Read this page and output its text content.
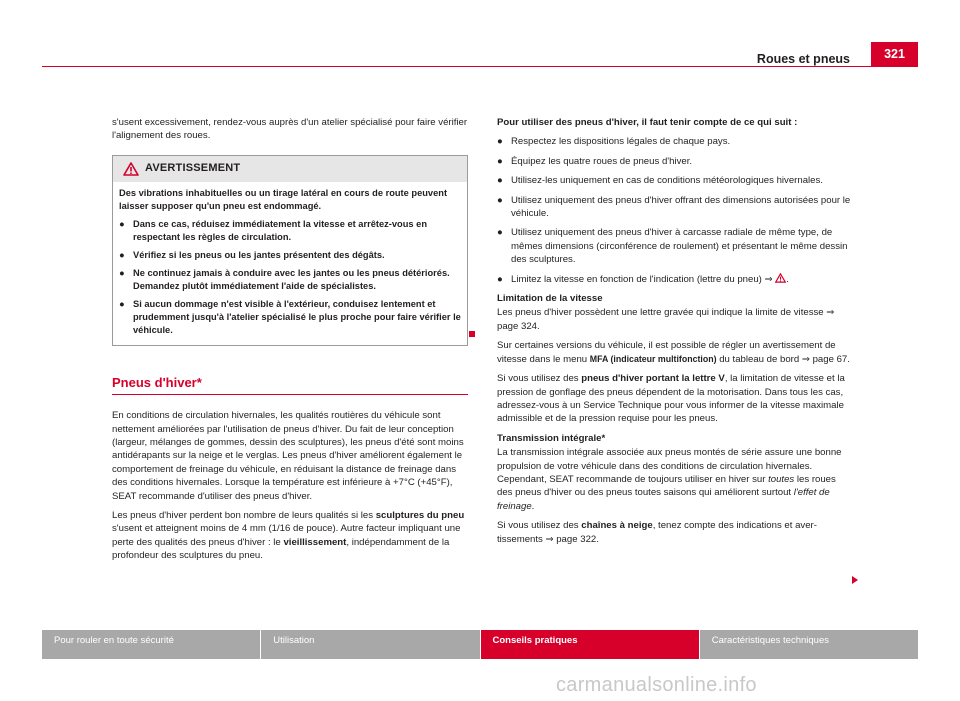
Roues et pneus	321

s'usent excessivement, rendez-vous auprès d'un atelier spécialisé pour faire vérifier l'alignement des roues.

AVERTISSEMENT

Des vibrations inhabituelles ou un tirage latéral en cours de route peuvent laisser supposer qu'un pneu est endommagé.

● Dans ce cas, réduisez immédiatement la vitesse et arrêtez-vous en respectant les règles de circulation.

● Vérifiez si les pneus ou les jantes présentent des dégâts.

● Ne continuez jamais à conduire avec les jantes ou les pneus détériorés. Demandez plutôt immédiatement l'aide de spécialistes.

● Si aucun dommage n'est visible à l'extérieur, conduisez lentement et prudemment jusqu'à l'atelier spécialisé le plus proche pour faire vérifier le véhicule.

Pneus d'hiver*

En conditions de circulation hivernales, les qualités routières du véhicule sont nettement améliorées par l'utilisation de pneus d'hiver. Du fait de leur conception (largeur, mélanges de gommes, dessin des sculptures), les pneus d'été sont moins antidérapants sur la neige et le verglas. Les pneus d'hiver améliorent également le comportement de freinage du véhicule, en réduisant la distance de freinage dans des conditions hivernales. Lorsque la température est inférieure à +7°C (+45°F), SEAT recommande d'utiliser des pneus d'hiver.

Les pneus d'hiver perdent bon nombre de leurs qualités si les sculptures du pneu s'usent et atteignent moins de 4 mm (1/16 de pouce). Autre facteur impliquant une perte des qualités des pneus d'hiver : le vieillissement, indépendamment de la profondeur des sculptures du pneu.

Pour utiliser des pneus d'hiver, il faut tenir compte de ce qui suit :

● Respectez les dispositions légales de chaque pays.

● Équipez les quatre roues de pneus d'hiver.

● Utilisez-les uniquement en cas de conditions météorologiques hivernales.

● Utilisez uniquement des pneus d'hiver offrant des dimensions autorisées pour le véhicule.

● Utilisez uniquement des pneus d'hiver à carcasse radiale de même type, de mêmes dimensions (circonférence de roulement) et présentant le même dessin des sculptures.

● Limitez la vitesse en fonction de l'indication (lettre du pneu) ⇒ .

Limitation de la vitesse

Les pneus d'hiver possèdent une lettre gravée qui indique la limite de vitesse ⇒ page 324.

Sur certaines versions du véhicule, il est possible de régler un avertissement de vitesse dans le menu MFA (indicateur multifonction) du tableau de bord ⇒ page 67.

Si vous utilisez des pneus d'hiver portant la lettre V, la limitation de vitesse et la pression de gonflage des pneus dépendent de la motorisation. Dans tous les cas, adressez-vous à un Service Technique pour vous informer de la vitesse maximale admissible et de la pression requise pour les pneus.

Transmission intégrale*

La transmission intégrale associée aux pneus montés de série assure une bonne propulsion de votre véhicule dans des conditions de circulation hivernales. Cependant, SEAT recommande de toujours utiliser en hiver sur toutes les roues des pneus d'hiver ou des pneus toutes saisons qui améliorent surtout l'effet de freinage.

Si vous utilisez des chaînes à neige, tenez compte des indications et avertissements ⇒ page 322.

Pour rouler en toute sécurité	Utilisation	Conseils pratiques	Caractéristiques techniques
carmanualsonline.info
